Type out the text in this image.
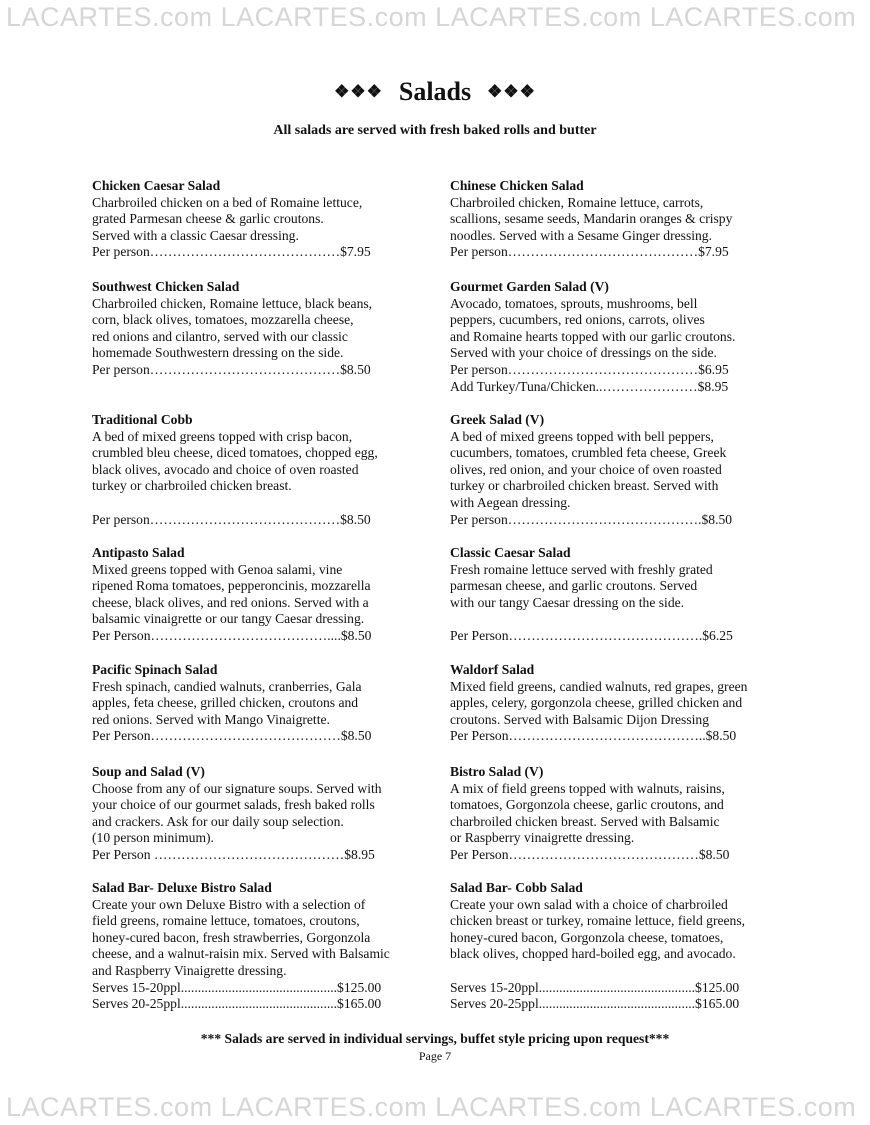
LACARTES.com LACARTES.com LACARTES.com LACARTES.com
❖❖❖ Salads ❖❖❖
All salads are served with fresh baked rolls and butter
Chicken Caesar Salad
Charbroiled chicken on a bed of Romaine lettuce,
grated Parmesan cheese & garlic croutons.
Served with a classic Caesar dressing.
Per person……………………………………$7.95
Southwest Chicken Salad
Charbroiled chicken, Romaine lettuce, black beans,
corn, black olives, tomatoes, mozzarella cheese,
red onions and cilantro, served with our classic
homemade Southwestern dressing on the side.
Per person……………………………………$8.50
Traditional Cobb
A bed of mixed greens topped with crisp bacon,
crumbled bleu cheese, diced tomatoes, chopped egg,
black olives, avocado and choice of oven roasted
turkey or charbroiled chicken breast.
Per person……………………………………$8.50
Antipasto Salad
Mixed greens topped with Genoa salami, vine
ripened Roma tomatoes, pepperoncinis, mozzarella
cheese, black olives, and red onions. Served with a
balsamic vinaigrette or our tangy Caesar dressing.
Per Person…………………………………....$8.50
Pacific Spinach Salad
Fresh spinach, candied walnuts, cranberries, Gala
apples, feta cheese, grilled chicken, croutons and
red onions. Served with Mango Vinaigrette.
Per Person……………………………………$8.50
Soup and Salad (V)
Choose from any of our signature soups. Served with
your choice of our gourmet salads, fresh baked rolls
and crackers. Ask for our daily soup selection.
(10 person minimum).
Per Person ……………………………………$8.95
Salad Bar- Deluxe Bistro Salad
Create your own Deluxe Bistro with a selection of
field greens, romaine lettuce, tomatoes, croutons,
honey-cured bacon, fresh strawberries, Gorgonzola
cheese, and a walnut-raisin mix. Served with Balsamic
and Raspberry Vinaigrette dressing.
Serves 15-20ppl..............................................$125.00
Serves 20-25ppl..............................................$165.00
Chinese Chicken Salad
Charbroiled chicken, Romaine lettuce, carrots,
scallions, sesame seeds, Mandarin oranges & crispy
noodles. Served with a Sesame Ginger dressing.
Per person……………………………………$7.95
Gourmet Garden Salad (V)
Avocado, tomatoes, sprouts, mushrooms, bell
peppers, cucumbers, red onions, carrots, olives
and Romaine hearts topped with our garlic croutons.
Served with your choice of dressings on the side.
Per person……………………………………$6.95
Add Turkey/Tuna/Chicken..…………………$8.95
Greek Salad (V)
A bed of mixed greens topped with bell peppers,
cucumbers, tomatoes, crumbled feta cheese, Greek
olives, red onion, and your choice of oven roasted
turkey or charbroiled chicken breast. Served with
with Aegean dressing.
Per person…………………………………….$8.50
Classic Caesar Salad
Fresh romaine lettuce served with freshly grated
parmesan cheese, and garlic croutons. Served
with our tangy Caesar dressing on the side.
Per Person…………………………………….$6.25
Waldorf Salad
Mixed field greens, candied walnuts, red grapes, green
apples, celery, gorgonzola cheese, grilled chicken and
croutons. Served with Balsamic Dijon Dressing
Per Person……………………………………..$8.50
Bistro Salad (V)
A mix of field greens topped with walnuts, raisins,
tomatoes, Gorgonzola cheese, garlic croutons, and
charbroiled chicken breast. Served with Balsamic
or Raspberry vinaigrette dressing.
Per Person……………………………………$8.50
Salad Bar- Cobb Salad
Create your own salad with a choice of charbroiled
chicken breast or turkey, romaine lettuce, field greens,
honey-cured bacon, Gorgonzola cheese, tomatoes,
black olives, chopped hard-boiled egg, and avocado.
Serves 15-20ppl..............................................$125.00
Serves 20-25ppl..............................................$165.00
*** Salads are served in individual servings, buffet style pricing upon request***
Page 7
LACARTES.com LACARTES.com LACARTES.com LACARTES.com
